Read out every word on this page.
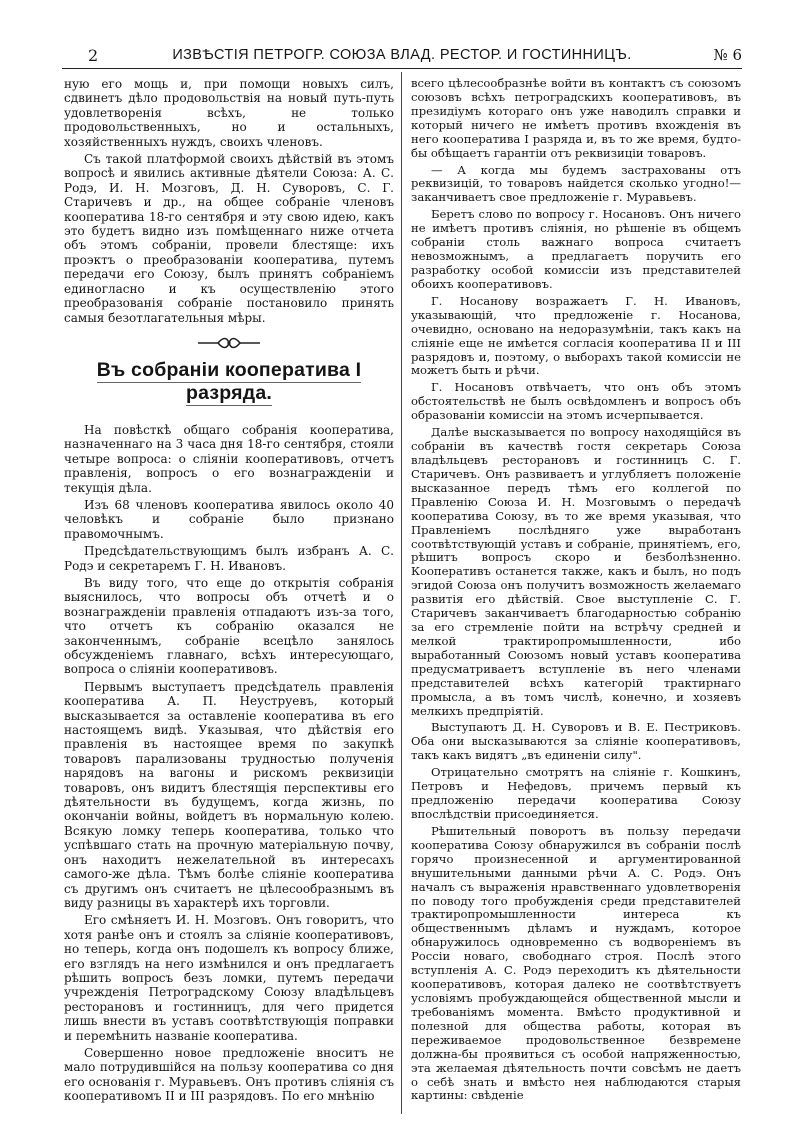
2	ИЗВѢСТІЯ ПЕТРОГР. СОЮЗА ВЛАД. РЕСТОР. И ГОСТИННИЦЪ.	№ 6

ную его мощь и, при помощи новыхъ силъ, сдвинетъ дѣло продовольствія на новый путь-путь удовлетворенія всѣхъ, не только продовольственныхъ, но и остальныхъ, хозяйственныхъ нуждъ, своихъ членовъ.

Съ такой платформой своихъ дѣйствій въ этомъ вопросѣ и явились активные дѣятели Союза: А. С. Родэ, И. Н. Мозговъ, Д. Н. Суворовъ, С. Г. Старичевъ и др., на общее собраніе членовъ кооператива 18-го сентября и эту свою идею, какъ это будетъ видно изъ помѣщеннаго ниже отчета объ этомъ собраніи, провели блестяще: ихъ проэктъ о преобразованіи кооператива, путемъ передачи его Союзу, былъ принятъ собраніемъ единогласно и къ осуществленію этого преобразованія собраніе постановило принять самыя безотлагательныя мѣры.

Въ собраніи кооператива I разряда.

На повѣсткѣ общаго собранія кооператива, назначеннаго на 3 часа дня 18-го сентября, стояли четыре вопроса: о сліяніи кооперативовъ, отчетъ правленія, вопросъ о его вознагражденіи и текущія дѣла.

Изъ 68 членовъ кооператива явилось около 40 человѣкъ и собраніе было признано правомочнымъ.

Предсѣдательствующимъ былъ избранъ А. С. Родэ и секретаремъ Г. Н. Ивановъ.

Въ виду того, что еще до открытія собранія выяснилось, что вопросы объ отчетѣ и о вознагражденіи правленія отпадаютъ изъ-за того, что отчетъ къ собранію оказался не законченнымъ, собраніе всецѣло занялось обсужденіемъ главнаго, всѣхъ интересующаго, вопроса о сліяніи кооперативовъ.

Первымъ выступаетъ предсѣдатель правленія кооператива А. П. Неуструевъ, который высказывается за оставленіе кооператива въ его настоящемъ видѣ. Указывая, что дѣйствія его правленія въ настоящее время по закупкѣ товаровъ парализованы трудностью полученія нарядовъ на вагоны и рискомъ реквизиціи товаровъ, онъ видитъ блестящія перспективы его дѣятельности въ будущемъ, когда жизнь, по окончаніи войны, войдетъ въ нормальную колею. Всякую ломку теперь кооператива, только что успѣвшаго стать на прочную матеріальную почву, онъ находитъ нежелательной въ интересахъ самого-же дѣла. Тѣмъ болѣе сліяніе кооператива съ другимъ онъ считаетъ не цѣлесообразнымъ въ виду разницы въ характерѣ ихъ торговли.

Его смѣняетъ И. Н. Мозговъ. Онъ говоритъ, что хотя ранѣе онъ и стоялъ за сліяніе кооперативовъ, но теперь, когда онъ подошелъ къ вопросу ближе, его взглядъ на него измѣнился и онъ предлагаетъ рѣшить вопросъ безъ ломки, путемъ передачи учрежденія Петроградскому Союзу владѣльцевъ ресторановъ и гостинницъ, для чего придется лишь внести въ уставъ соотвѣтствующія поправки и перемѣнить названіе кооператива.

Совершенно новое предложеніе вноситъ не мало потрудившійся на пользу кооператива со дня его основанія г. Муравьевъ. Онъ противъ сліянія съ кооперативомъ II и III разрядовъ. По его мнѣнію

всего цѣлесообразнѣе войти въ контактъ съ союзомъ союзовъ всѣхъ петроградскихъ кооперативовъ, въ президіумъ котораго онъ уже наводилъ справки и который ничего не имѣетъ противъ вхожденія въ него кооператива I разряда и, въ то же время, будто-бы обѣщаетъ гарантіи отъ реквизиціи товаровъ.

— А когда мы будемъ застрахованы отъ реквизицій, то товаровъ найдется сколько угодно!—заканчиваетъ свое предложеніе г. Муравьевъ.

Беретъ слово по вопросу г. Носановъ. Онъ ничего не имѣетъ противъ сліянія, но рѣшеніе въ общемъ собраніи столь важнаго вопроса считаетъ невозможнымъ, а предлагаетъ поручить его разработку особой комиссіи изъ представителей обоихъ кооперативовъ.

Г. Носанову возражаетъ Г. Н. Ивановъ, указывающій, что предложеніе г. Носанова, очевидно, основано на недоразумѣніи, такъ какъ на сліяніе еще не имѣется согласія кооператива II и III разрядовъ и, поэтому, о выборахъ такой комиссіи не можетъ быть и рѣчи.

Г. Носановъ отвѣчаетъ, что онъ объ этомъ обстоятельствѣ не былъ освѣдомленъ и вопросъ объ образованіи комиссіи на этомъ исчерпывается.

Далѣе высказывается по вопросу находящійся въ собраніи въ качествѣ гостя секретарь Союза владѣльцевъ ресторановъ и гостинницъ С. Г. Старичевъ. Онъ развиваетъ и углубляетъ положеніе высказанное передъ тѣмъ его коллегой по Правленію Союза И. Н. Мозговымъ о передачѣ кооператива Союзу, въ то же время указывая, что Правленіемъ послѣдняго уже выработанъ соотвѣтствующій уставъ и собраніе, принятіемъ, его, рѣшитъ вопросъ скоро и безболѣзненно. Кооперативъ останется также, какъ и былъ, но подъ эгидой Союза онъ получитъ возможность желаемаго развитія его дѣйствій. Свое выступленіе С. Г. Старичевъ заканчиваетъ благодарностью собранію за его стремленіе пойти на встрѣчу средней и мелкой трактиропромышленности, ибо выработанный Союзомъ новый уставъ кооператива предусматриваетъ вступленіе въ него членами представителей всѣхъ категорій трактирнаго промысла, а въ томъ числѣ, конечно, и хозяевъ мелкихъ предпріятій.

Выступаютъ Д. Н. Суворовъ и В. Е. Пестриковъ. Оба они высказываются за сліяніе кооперативовъ, такъ какъ видятъ „въ единеніи силу".

Отрицательно смотрятъ на сліяніе г. Кошкинъ, Петровъ и Нефедовъ, причемъ первый къ предложенію передачи кооператива Союзу впослѣдствіи присоединяется.

Рѣшительный поворотъ въ пользу передачи кооператива Союзу обнаружился въ собраніи послѣ горячо произнесенной и аргументированной внушительными данными рѣчи А. С. Родэ. Онъ началъ съ выраженія нравственнаго удовлетворенія по поводу того пробужденія среди представителей трактиропромышленности интереса къ общественнымъ дѣламъ и нуждамъ, которое обнаружилось одновременно съ водвореніемъ въ Россіи новаго, свободнаго строя. Послѣ этого вступленія А. С. Родэ переходитъ къ дѣятельности кооперативовъ, которая далеко не соотвѣтствуетъ условіямъ пробуждающейся общественной мысли и требованіямъ момента. Вмѣсто продуктивной и полезной для общества работы, которая въ переживаемое продовольственное безвремене должна-бы проявиться съ особой напряженностью, эта желаемая дѣятельность почти совсѣмъ не даетъ о себѣ знать и вмѣсто нея наблюдаются старыя картины: свѣденіе
